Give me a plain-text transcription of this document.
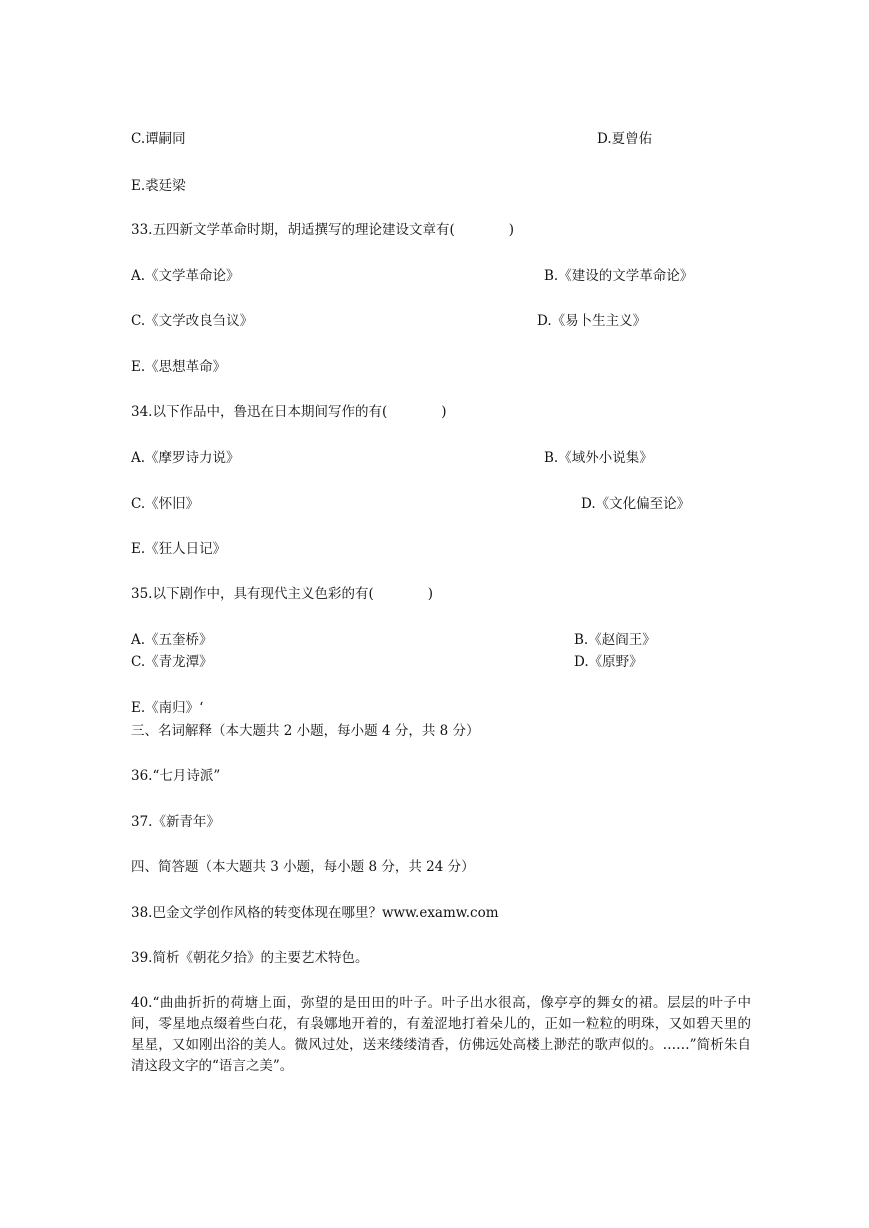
C.谭嗣同	D.夏曾佑
E.裘廷梁
33.五四新文学革命时期，胡适撰写的理论建设文章有(　　　　)
A.《文学革命论》	B.《建设的文学革命论》
C.《文学改良刍议》	D.《易卜生主义》
E.《思想革命》
34.以下作品中，鲁迅在日本期间写作的有(　　　　)
A.《摩罗诗力说》	B.《域外小说集》
C.《怀旧》	D.《文化偏至论》
E.《狂人日记》
35.以下剧作中，具有现代主义色彩的有(　　　　)
A.《五奎桥》	B.《赵阎王》
C.《青龙潭》	D.《原野》
E.《南归》‘
三、名词解释（本大题共 2 小题，每小题 4 分，共 8 分）
36.“七月诗派”
37.《新青年》
四、简答题（本大题共 3 小题，每小题 8 分，共 24 分）
38.巴金文学创作风格的转变体现在哪里？www.examw.com
39.简析《朝花夕拾》的主要艺术特色。
40.“曲曲折折的荷塘上面，弥望的是田田的叶子。叶子出水很高，像亭亭的舞女的裙。层层的叶子中间，零星地点缀着些白花，有袅娜地开着的，有羞涩地打着朵儿的，正如一粒粒的明珠，又如碧天里的星星，又如刚出浴的美人。微风过处，送来缕缕清香，仿佛远处高楼上渺茫的歌声似的。……”简析朱自清这段文字的“语言之美”。
